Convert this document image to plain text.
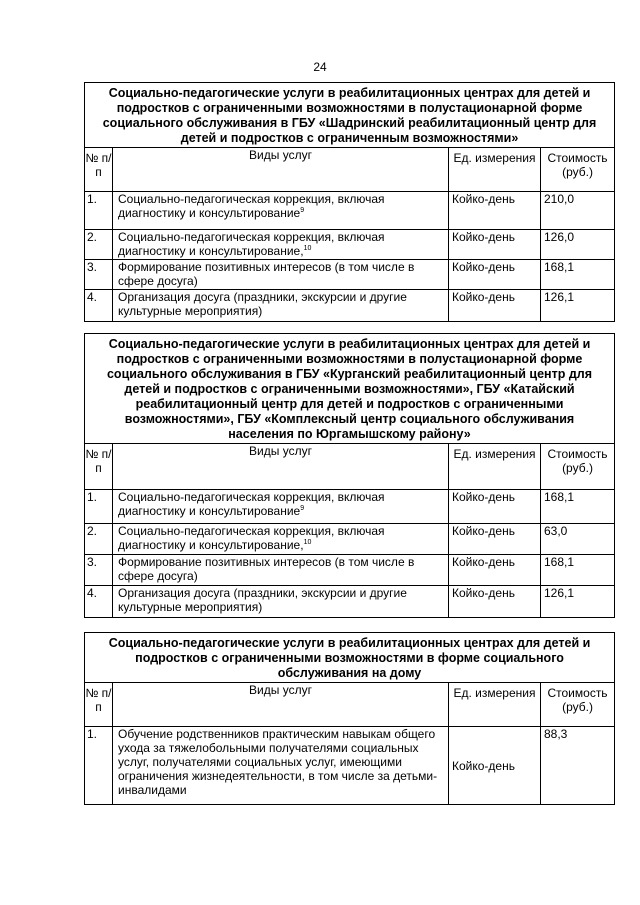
24
Социально-педагогические услуги в реабилитационных центрах для детей и подростков с ограниченными возможностями в полустационарной форме социального обслуживания в ГБУ «Шадринский реабилитационный центр для детей и подростков с ограниченным возможностями»			
№ п/п	Виды услуг	Ед. измерения	Стоимость (руб.)
1.	Социально-педагогическая коррекция, включая диагностику и консультирование$^9$	Койко-день	210,0
2.	Социально-педагогическая коррекция, включая диагностику и консультирование,$^{10}$	Койко-день	126,0
3.	Формирование позитивных интересов (в том числе в сфере досуга)	Койко-день	168,1
4.	Организация досуга (праздники, экскурсии и другие культурные мероприятия)	Койко-день	126,1
Социально-педагогические услуги в реабилитационных центрах для детей и подростков с ограниченными возможностями в полустационарной форме социального обслуживания в ГБУ «Курганский реабилитационный центр для детей и подростков с ограниченными возможностями», ГБУ «Катайский реабилитационный центр для детей и подростков с ограниченными возможностями», ГБУ «Комплексный центр социального обслуживания населения по Юргамышскому району»			
№ п/п	Виды услуг	Ед. измерения	Стоимость (руб.)
1.	Социально-педагогическая коррекция, включая диагностику и консультирование$^9$	Койко-день	168,1
2.	Социально-педагогическая коррекция, включая диагностику и консультирование,$^{10}$	Койко-день	63,0
3.	Формирование позитивных интересов (в том числе в сфере досуга)	Койко-день	168,1
4.	Организация досуга (праздники, экскурсии и другие культурные мероприятия)	Койко-день	126,1
Социально-педагогические услуги в реабилитационных центрах для детей и подростков с ограниченными возможностями в форме социального обслуживания на дому			
№ п/п	Виды услуг	Ед. измерения	Стоимость (руб.)
1.	Обучение родственников практическим навыкам общего ухода за тяжелобольными получателями социальных услуг, получателями социальных услуг, имеющими ограничения жизнедеятельности, в том числе за детьми-инвалидами	Койко-день	88,3
